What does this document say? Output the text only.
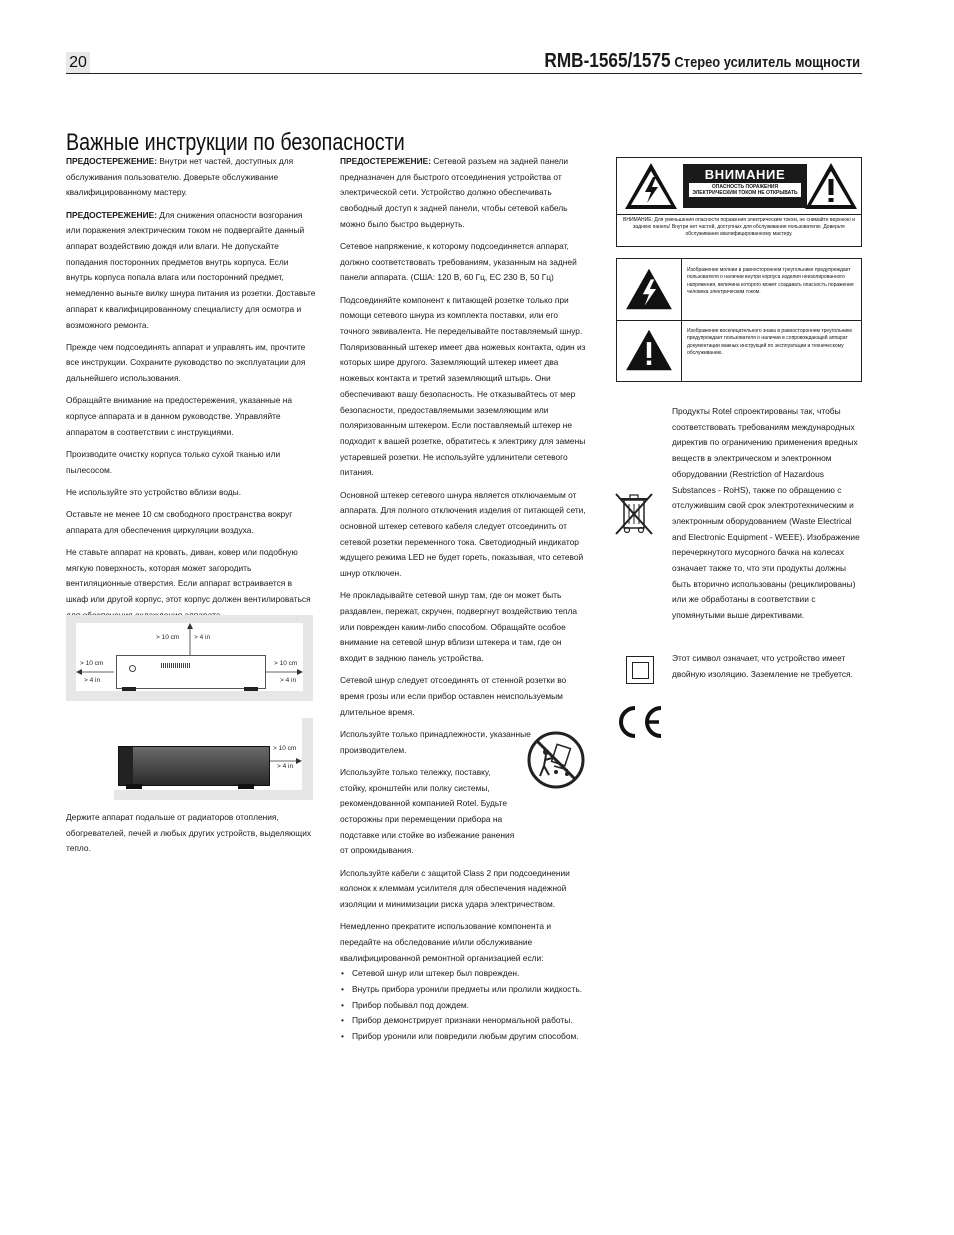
20	RMB-1565/1575 Стерео усилитель мощности
Важные инструкции по безопасности

ПРЕДОСТЕРЕЖЕНИЕ: Внутри нет частей, доступных для обслуживания пользователю. Доверьте обслуживание квалифицированному мастеру.

ПРЕДОСТЕРЕЖЕНИЕ: Для снижения опасности возгорания или поражения электрическим током не подвергайте данный аппарат воздействию дождя или влаги. Не допускайте попадания посторонних предметов внутрь корпуса. Если внутрь корпуса попала влага или посторонний предмет, немедленно выньте вилку шнура питания из розетки. Доставьте аппарат к квалифицированному специалисту для осмотра и возможного ремонта.

Прежде чем подсоединять аппарат и управлять им, прочтите все инструкции. Сохраните руководство по эксплуатации для дальнейшего использования.

Обращайте внимание на предостережения, указанные на корпусе аппарата и в данном руководстве. Управляйте аппаратом в соответствии с инструкциями.

Производите очистку корпуса только сухой тканью или пылесосом.

Не используйте это устройство вблизи воды.

Оставьте не менее 10 см свободного пространства вокруг аппарата для обеспечения циркуляции воздуха.

Не ставьте аппарат на кровать, диван, ковер или подобную мягкую поверхность, которая может загородить вентиляционные отверстия. Если аппарат встраивается в шкаф или другой корпус, этот корпус должен вентилироваться

> 10 cm > 4 in
> 10 cm
> 4 in
> 10 cm
> 4 in
> 10 cm
> 4 in
Держите аппарат подальше от радиаторов отопления, обогревателей, печей и любых других устройств, выделяющих тепло.

ПРЕДОСТЕРЕЖЕНИЕ: Сетевой разъем на задней панели предназначен для быстрого отсоединения устройства от электрической сети. Устройство должно обеспечивать свободный доступ к задней панели, чтобы сетевой кабель можно было быстро выдернуть.

Сетевое напряжение, к которому подсоединяется аппарат, должно соответствовать требованиям, указанным на задней панели аппарата. (США: 120 В, 60 Гц, ЕС 230 В, 50 Гц)

Подсоединяйте компонент к питающей розетке только при помощи сетевого шнура из комплекта поставки, или его точного эквивалента. Не переделывайте поставляемый шнур. Поляризованный штекер имеет два ножевых контакта, один из которых шире другого. Заземляющий штекер имеет два ножевых контакта и третий заземляющий штырь. Они обеспечивают вашу безопасность. Не отказывайтесь от мер безопасности, предоставляемыми заземляющим или поляризованным штекером. Если поставляемый штекер не подходит к вашей розетке, обратитесь к электрику для замены устаревшей розетки. Не используйте удлинители сетевого питания.

Основной штекер сетевого шнура является отключаемым от аппарата. Для полного отключения изделия от питающей сети, основной штекер сетевого кабеля следует отсоединить от сетевой розетки переменного тока. Светодиодный индикатор ждущего режима LED не будет гореть, показывая, что сетевой шнур отключен.

Не прокладывайте сетевой шнур там, где он может быть раздавлен, пережат, скручен, подвергнут воздействию тепла или поврежден каким-либо способом. Обращайте особое внимание на сетевой шнур вблизи штекера и там, где он входит в заднюю панель устройства.

Сетевой шнур следует отсоединять от стенной розетки во время грозы или если прибор оставлен неиспользуемым длительное время.

Используйте только принадлежности, указанные производителем.

Используйте только тележку, поставку, стойку, кронштейн или полку системы, рекомендованной компанией Rotel. Будьте осторожны при перемещении прибора на подставке или стойке во избежание ранения от опрокидывания.

Используйте кабели с защитой Class 2 при подсоединении колонок к клеммам усилителя для обеспечения надежной изоляции и минимизации риска удара электричеством.

Немедленно прекратите использование компонента и передайте на обследование и/или обслуживание квалифицированной ремонтной организацией если:

• Сетевой шнур или штекер был поврежден.
• Внутрь прибора уронили предметы или пролили жидкость.
• Прибор побывал под дождем.
• Прибор демонстрирует признаки ненормальной работы.
• Прибор уронили или повредили любым другим способом.
ВНИМАНИЕ
ОПАСНОСТЬ ПОРАЖЕНИЯ ЭЛЕКТРИЧЕСКИМ ТОКОМ НЕ ОТКРЫВАТЬ
ВНИМАНИЕ: Для уменьшения опасности поражения электрическим током, не снимайте верхнюю и заднюю панель! Внутри нет частей, доступных для обслуживания пользователю. Доверьте обслуживание квалифицированному мастеру.
Изображение молнии в равностороннем треугольнике предупреждает пользователя о наличии внутри корпуса изделия неизолированного напряжения, величина которого может создавать опасность поражения человека электрическим током.
Изображение восклицательного знака в равностороннем треугольнике предупреждает пользователя о наличии в сопровождающей аппарат документации важных инструкций по эксплуатации и техническому обслуживанию.

Продукты Rotel спроектированы так, чтобы соответствовать требованиям международных директив по ограничению применения вредных веществ в электрическом и электронном оборудовании (Restriction of Hazardous Substances - RoHS), также по обращению с отслужившим свой срок электротехническим и электронным оборудованием (Waste Electrical and Electronic Equipment - WEEE). Изображение перечеркнутого мусорного бачка на колесах означает также то, что эти продукты должны быть вторично использованы (рециклированы) или же обработаны в соответствии с упомянутыми выше директивами.

Этот символ означает, что устройство имеет двойную изоляцию. Заземление не требуется.
